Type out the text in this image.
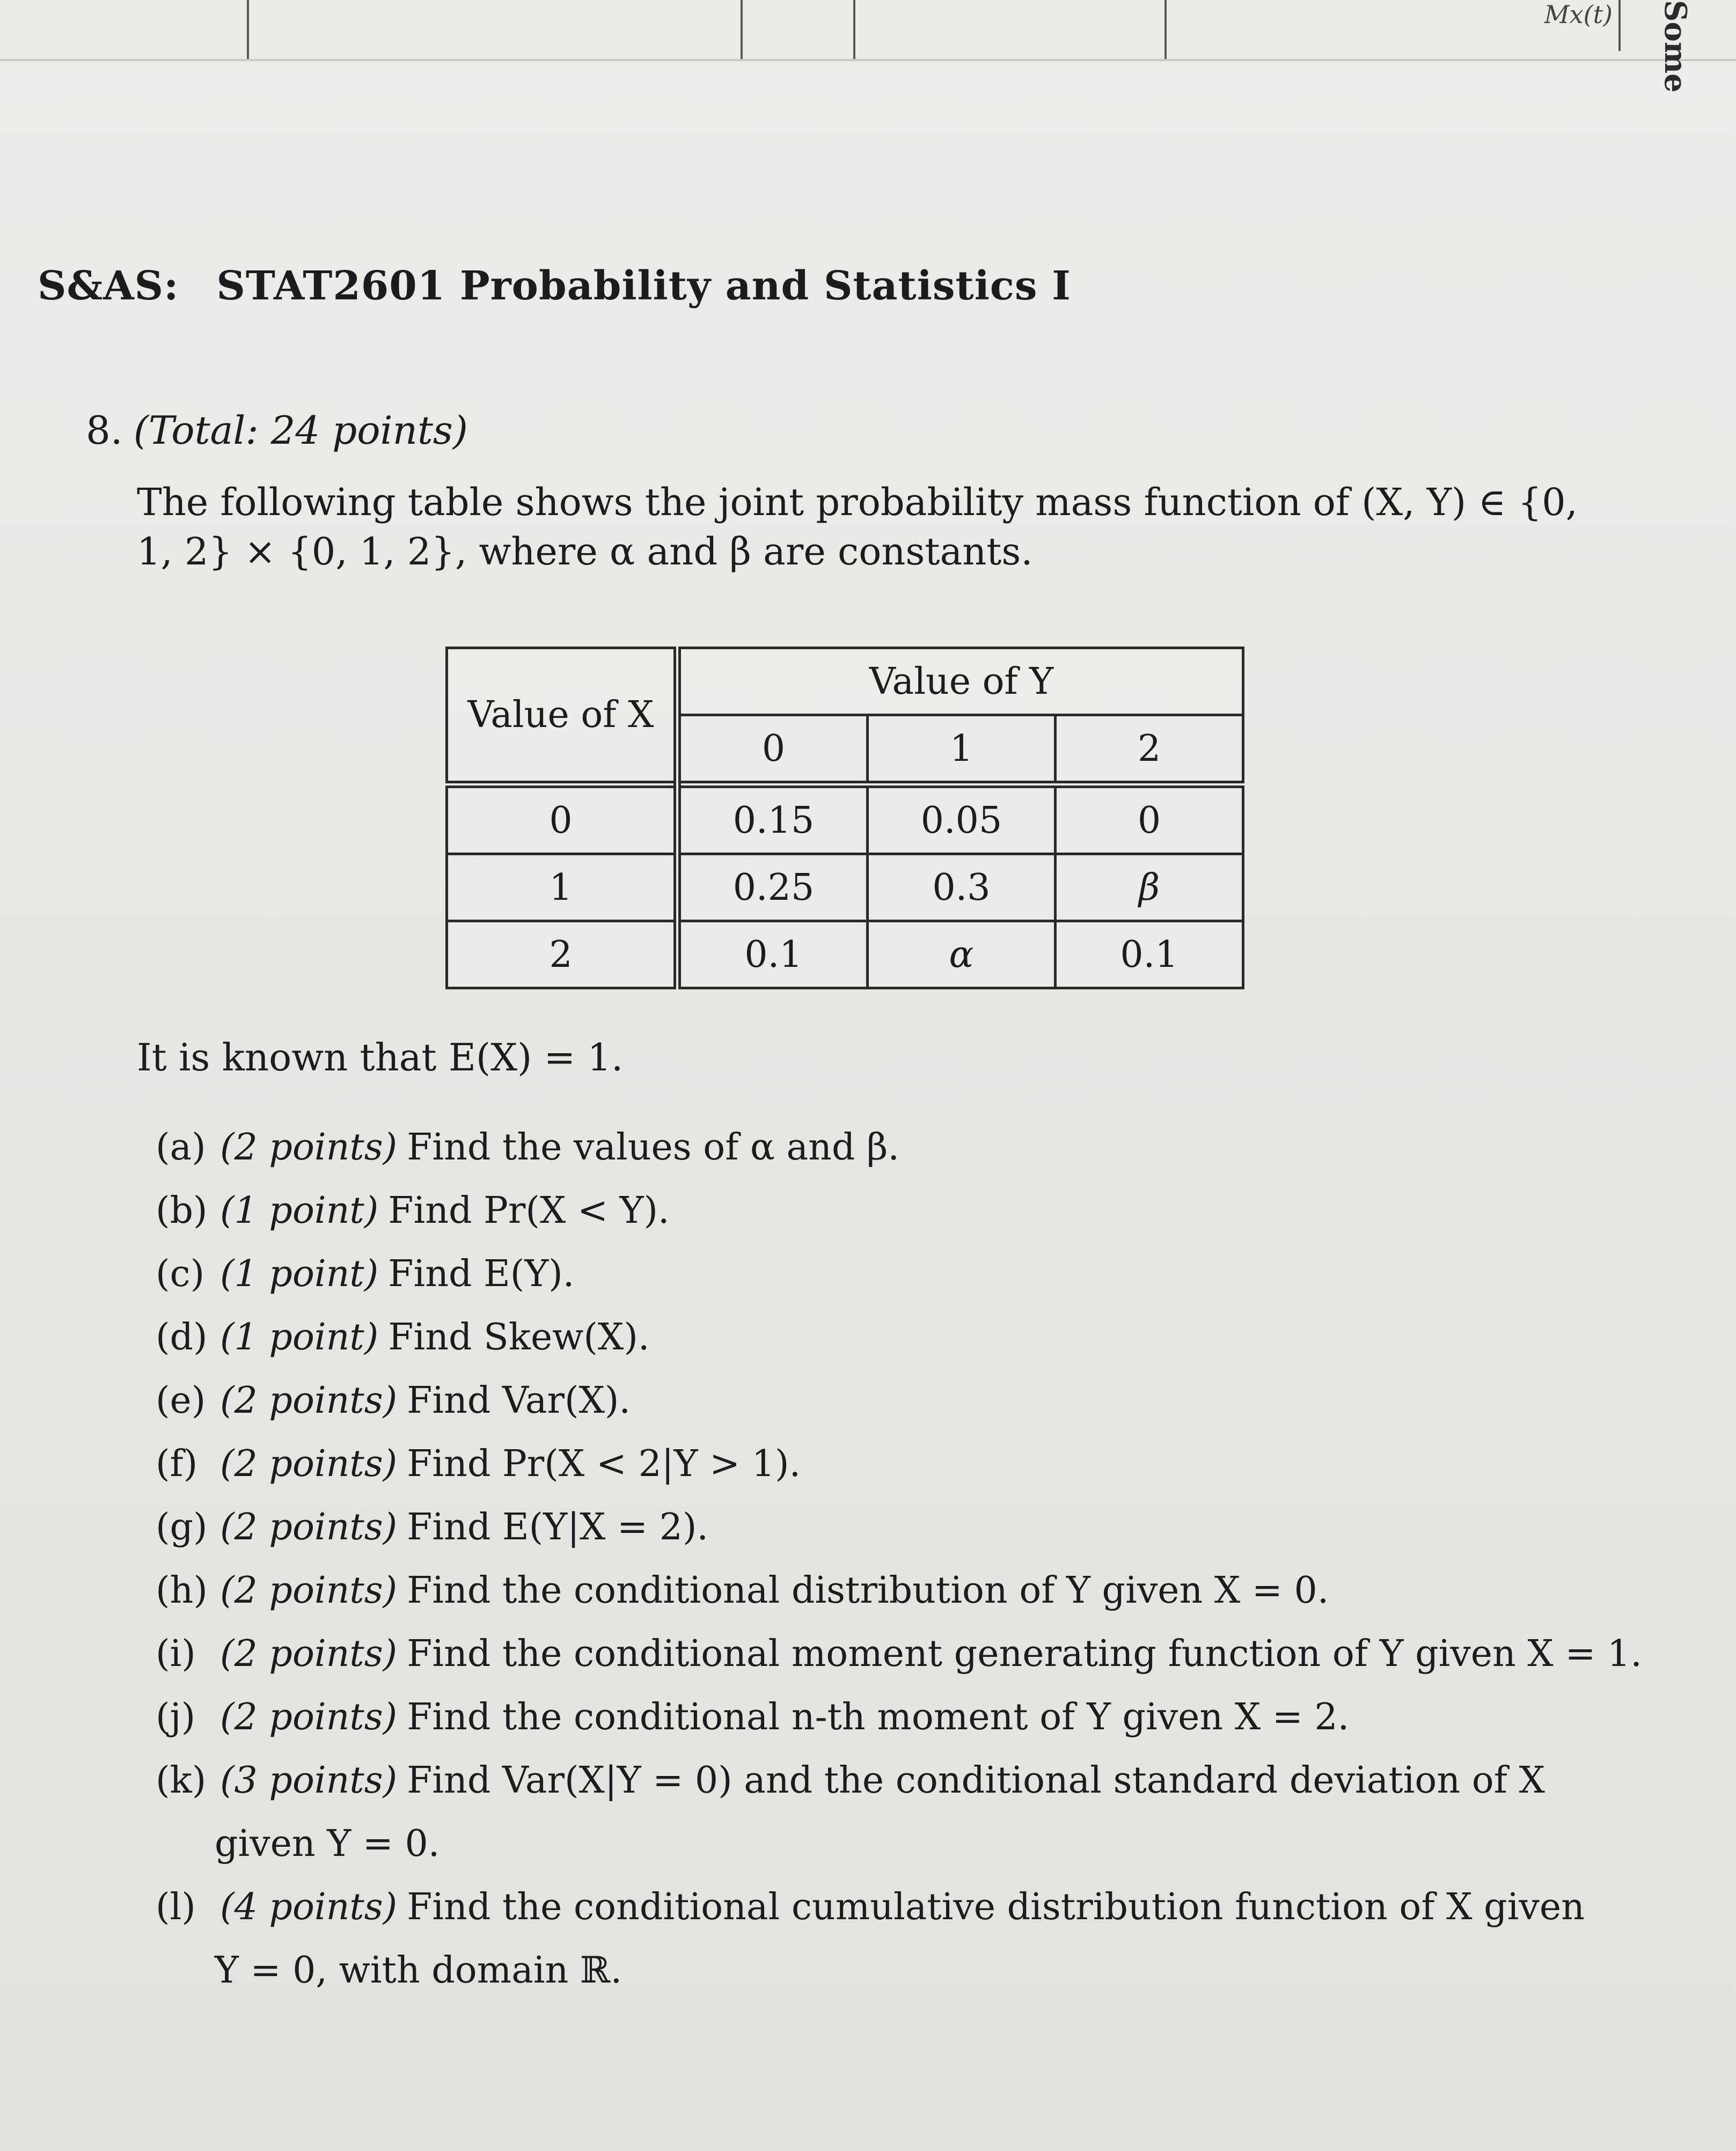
Mx(t) Some
S&AS: STAT2601 Probability and Statistics I
8. (Total: 24 points)
The following table shows the joint probability mass function of (X, Y) ∈ {0, 1, 2} × {0, 1, 2}, where α and β are constants.
Value of X	Value of Y		
	0	1	2
0	0.15	0.05	0
1	0.25	0.3	β
2	0.1	α	0.1
It is known that E(X) = 1.
(a) (2 points) Find the values of α and β.
(b) (1 point) Find Pr(X < Y).
(c) (1 point) Find E(Y).
(d) (1 point) Find Skew(X).
(e) (2 points) Find Var(X).
(f) (2 points) Find Pr(X < 2|Y > 1).
(g) (2 points) Find E(Y|X = 2).
(h) (2 points) Find the conditional distribution of Y given X = 0.
(i) (2 points) Find the conditional moment generating function of Y given X = 1.
(j) (2 points) Find the conditional n-th moment of Y given X = 2.
(k) (3 points) Find Var(X|Y = 0) and the conditional standard deviation of X
given Y = 0.
(l) (4 points) Find the conditional cumulative distribution function of X given
Y = 0, with domain ℝ.
